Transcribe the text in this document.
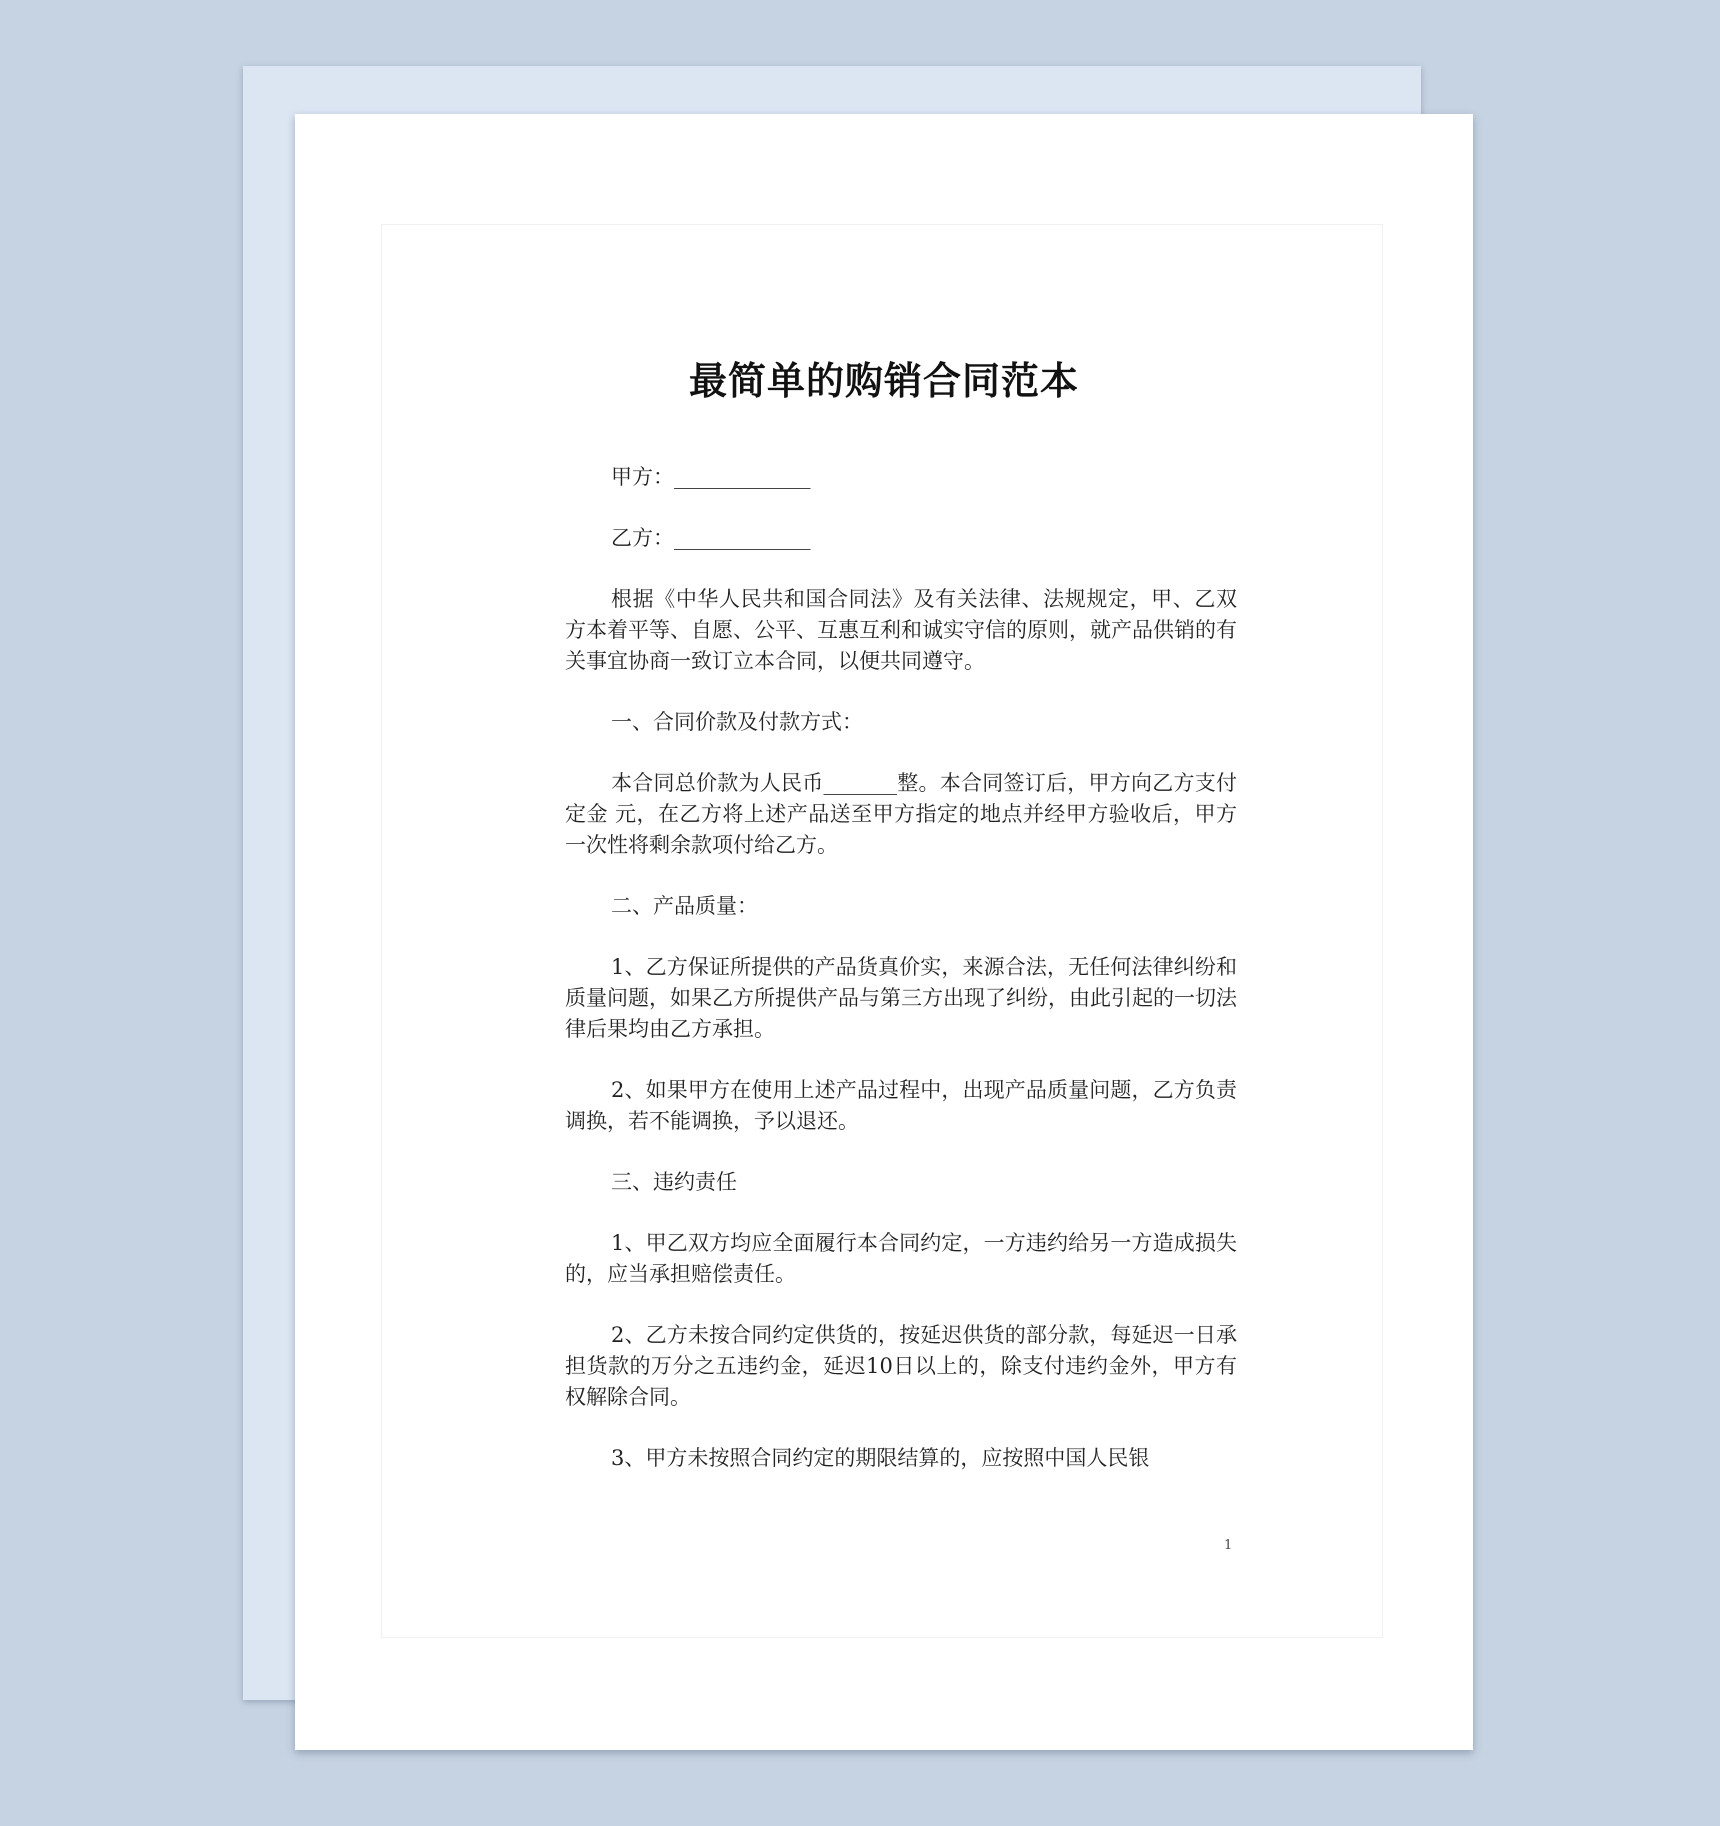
最简单的购销合同范本

甲方：_____________

乙方：_____________

根据《中华人民共和国合同法》及有关法律、法规规定，甲、乙双方本着平等、自愿、公平、互惠互利和诚实守信的原则，就产品供销的有关事宜协商一致订立本合同，以便共同遵守。

一、合同价款及付款方式：

本合同总价款为人民币_______整。本合同签订后，甲方向乙方支付定金 元，在乙方将上述产品送至甲方指定的地点并经甲方验收后，甲方一次性将剩余款项付给乙方。

二、产品质量：

1、乙方保证所提供的产品货真价实，来源合法，无任何法律纠纷和质量问题，如果乙方所提供产品与第三方出现了纠纷，由此引起的一切法律后果均由乙方承担。

2、如果甲方在使用上述产品过程中，出现产品质量问题，乙方负责调换，若不能调换，予以退还。

三、违约责任

1、甲乙双方均应全面履行本合同约定，一方违约给另一方造成损失的，应当承担赔偿责任。

2、乙方未按合同约定供货的，按延迟供货的部分款，每延迟一日承担货款的万分之五违约金，延迟10日以上的，除支付违约金外，甲方有权解除合同。

3、甲方未按照合同约定的期限结算的，应按照中国人民银

1
